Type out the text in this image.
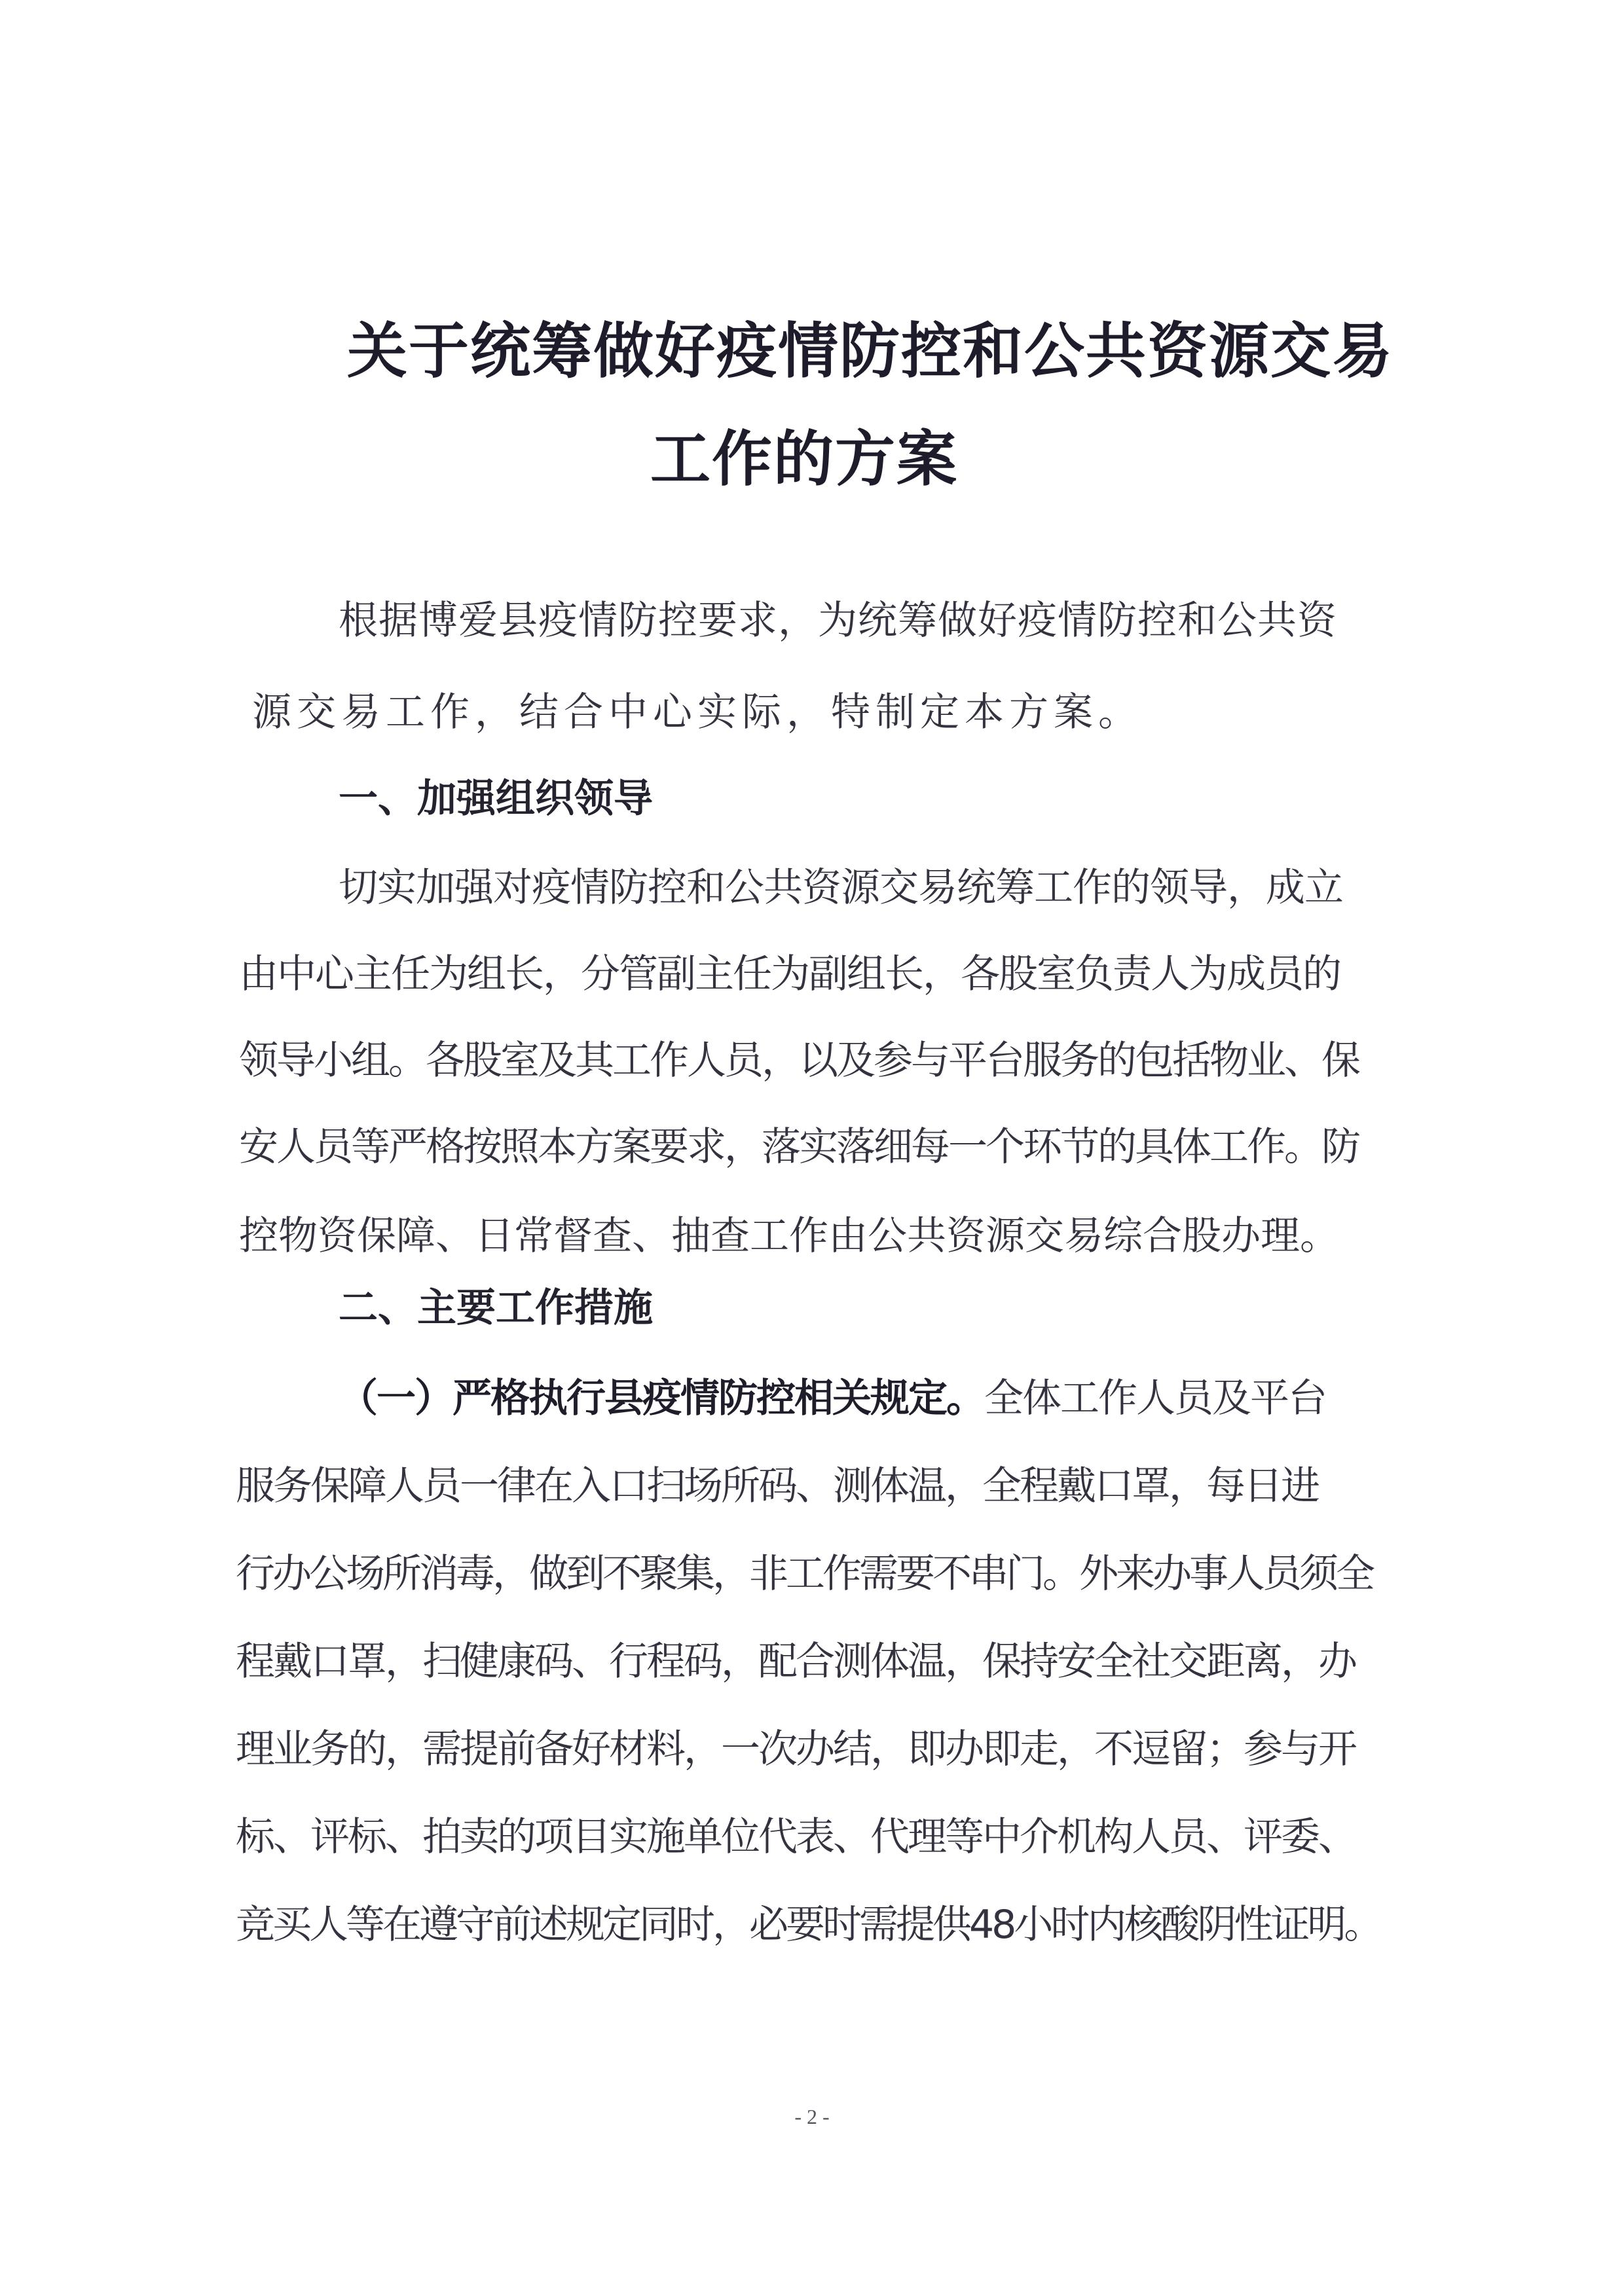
关于统筹做好疫情防控和公共资源交易
工作的方案

根据博爱县疫情防控要求，为统筹做好疫情防控和公共资

源交易工作，结合中心实际，特制定本方案。

一、加强组织领导

切实加强对疫情防控和公共资源交易统筹工作的领导，成立

由中心主任为组长，分管副主任为副组长，各股室负责人为成员的

领导小组。各股室及其工作人员，以及参与平台服务的包括物业、保

安人员等严格按照本方案要求，落实落细每一个环节的具体工作。防

控物资保障、日常督查、抽查工作由公共资源交易综合股办理。

二、主要工作措施

（一）严格执行县疫情防控相关规定。全体工作人员及平台

服务保障人员一律在入口扫场所码、测体温，全程戴口罩，每日进

行办公场所消毒，做到不聚集，非工作需要不串门。外来办事人员须全

程戴口罩，扫健康码、行程码，配合测体温，保持安全社交距离，办

理业务的，需提前备好材料，一次办结，即办即走，不逗留；参与开

标、评标、拍卖的项目实施单位代表、代理等中介机构人员、评委、

竞买人等在遵守前述规定同时，必要时需提供48小时内核酸阴性证明。

- 2 -
